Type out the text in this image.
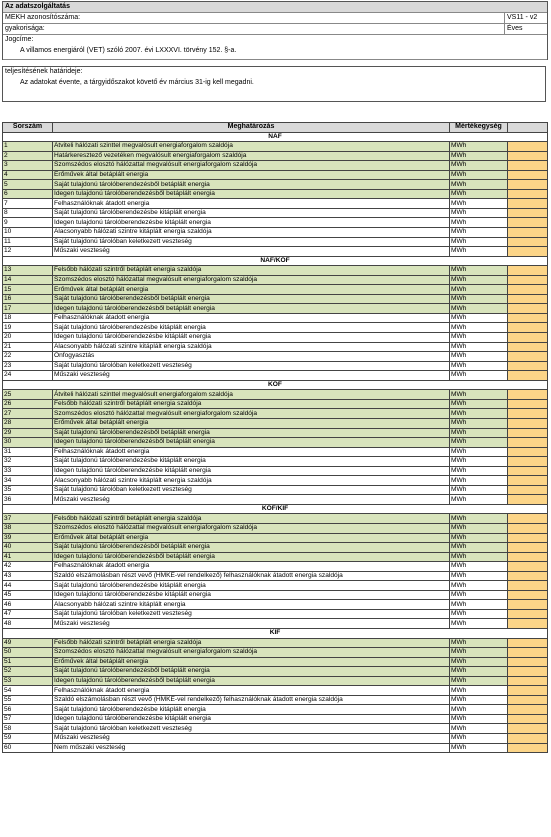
Az adatszolgáltatás
MEKH azonosítószáma:	VS11 - v2
gyakorisága:	Éves
Jogcíme:
A villamos energiáról (VET) szóló 2007. évi LXXXVI. törvény 152. §-a.
teljesítésének határideje:
Az adatokat évente, a tárgyidőszakot követő év március 31-ig kell megadni.
Sorszám	Meghatározás	Mértékegység	
NAF			
1	Átviteli hálózati szinttel megvalósult energiaforgalom szaldója	MWh	
2	Határkeresztező vezetéken megvalósult energiaforgalom szaldója	MWh	
3	Szomszédos elosztó hálózattal megvalósult energiaforgalom szaldója	MWh	
4	Erőművek által betáplált energia	MWh	
5	Saját tulajdonú tárolóberendezésből betáplált energia	MWh	
6	Idegen tulajdonú tárolóberendezésből betáplált energia	MWh	
7	Felhasználóknak átadott energia	MWh	
8	Saját tulajdonú tárolóberendezésbe kitáplált energia	MWh	
9	Idegen tulajdonú tárolóberendezésbe kitáplált energia	MWh	
10	Alacsonyabb hálózati szintre kitáplált energia szaldója	MWh	
11	Saját tulajdonú tárolóban keletkezett veszteség	MWh	
12	Műszaki veszteség	MWh	
NAF/KÖF			
13	Felsőbb hálózati szintről betáplált energia szaldója	MWh	
14	Szomszédos elosztó hálózattal megvalósult energiaforgalom szaldója	MWh	
15	Erőművek által betáplált energia	MWh	
16	Saját tulajdonú tárolóberendezésből betáplált energia	MWh	
17	Idegen tulajdonú tárolóberendezésből betáplált energia	MWh	
18	Felhasználóknak átadott energia	MWh	
19	Saját tulajdonú tárolóberendezésbe kitáplált energia	MWh	
20	Idegen tulajdonú tárolóberendezésbe kitáplált energia	MWh	
21	Alacsonyabb hálózati szintre kitáplált energia szaldója	MWh	
22	Önfogyasztás	MWh	
23	Saját tulajdonú tárolóban keletkezett veszteség	MWh	
24	Műszaki veszteség	MWh	
KÖF			
25	Átviteli hálózati szinttel megvalósult energiaforgalom szaldója	MWh	
26	Felsőbb hálózati szintről betáplált energia szaldója	MWh	
27	Szomszédos elosztó hálózattal megvalósult energiaforgalom szaldója	MWh	
28	Erőművek által betáplált energia	MWh	
29	Saját tulajdonú tárolóberendezésből betáplált energia	MWh	
30	Idegen tulajdonú tárolóberendezésből betáplált energia	MWh	
31	Felhasználóknak átadott energia	MWh	
32	Saját tulajdonú tárolóberendezésbe kitáplált energia	MWh	
33	Idegen tulajdonú tárolóberendezésbe kitáplált energia	MWh	
34	Alacsonyabb hálózati szintre kitáplált energia szaldója	MWh	
35	Saját tulajdonú tárolóban keletkezett veszteség	MWh	
36	Műszaki veszteség	MWh	
KÖF/KIF			
37	Felsőbb hálózati szintről betáplált energia szaldója	MWh	
38	Szomszédos elosztó hálózattal megvalósult energiaforgalom szaldója	MWh	
39	Erőművek által betáplált energia	MWh	
40	Saját tulajdonú tárolóberendezésből betáplált energia	MWh	
41	Idegen tulajdonú tárolóberendezésből betáplált energia	MWh	
42	Felhasználóknak átadott energia	MWh	
43	Szaldó elszámolásban részt vevő (HMKE-vel rendelkező) felhasználóknak átadott energia szaldója	MWh	
44	Saját tulajdonú tárolóberendezésbe kitáplált energia	MWh	
45	Idegen tulajdonú tárolóberendezésbe kitáplált energia	MWh	
46	Alacsonyabb hálózati szintre kitáplált energia	MWh	
47	Saját tulajdonú tárolóban keletkezett veszteség	MWh	
48	Műszaki veszteség	MWh	
KIF			
49	Felsőbb hálózati szintről betáplált energia szaldója	MWh	
50	Szomszédos elosztó hálózattal megvalósult energiaforgalom szaldója	MWh	
51	Erőművek által betáplált energia	MWh	
52	Saját tulajdonú tárolóberendezésből betáplált energia	MWh	
53	Idegen tulajdonú tárolóberendezésből betáplált energia	MWh	
54	Felhasználóknak átadott energia	MWh	
55	Szaldó elszámolásban részt vevő (HMKE-vel rendelkező) felhasználóknak átadott energia szaldója	MWh	
56	Saját tulajdonú tárolóberendezésbe kitáplált energia	MWh	
57	Idegen tulajdonú tárolóberendezésbe kitáplált energia	MWh	
58	Saját tulajdonú tárolóban keletkezett veszteség	MWh	
59	Műszaki veszteség	MWh	
60	Nem műszaki veszteség	MWh	
